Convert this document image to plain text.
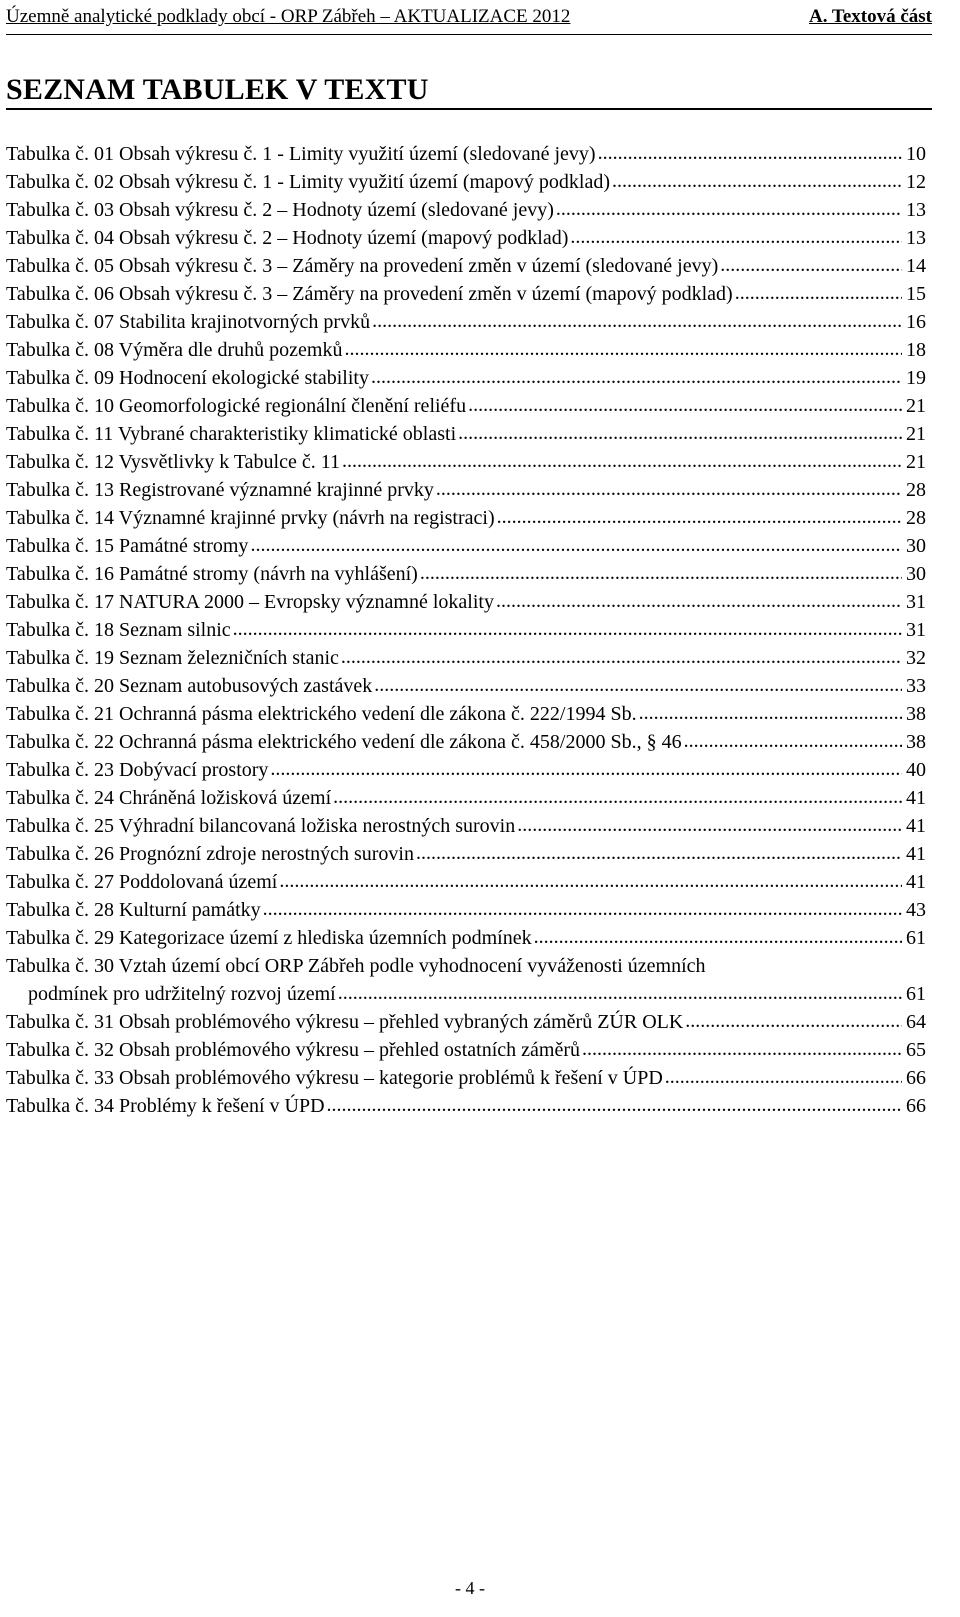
Územně analytické podklady obcí - ORP Zábřeh – AKTUALIZACE 2012	A. Textová část
SEZNAM TABULEK V TEXTU
Tabulka č. 01 Obsah výkresu č. 1 - Limity využití území (sledované jevy) .....	10
Tabulka č. 02 Obsah výkresu č. 1 - Limity využití území (mapový podklad) .....	12
Tabulka č. 03 Obsah výkresu č. 2 – Hodnoty území (sledované jevy) .....	13
Tabulka č. 04 Obsah výkresu č. 2 – Hodnoty území (mapový podklad) .....	13
Tabulka č. 05 Obsah výkresu č. 3 – Záměry na provedení změn v území (sledované jevy) .....	14
Tabulka č. 06 Obsah výkresu č. 3 – Záměry na provedení změn v území (mapový podklad) .....	15
Tabulka č. 07 Stabilita krajinotvorných prvků .....	16
Tabulka č. 08 Výměra dle druhů pozemků .....	18
Tabulka č. 09 Hodnocení ekologické stability .....	19
Tabulka č. 10 Geomorfologické regionální členění reliéfu .....	21
Tabulka č. 11 Vybrané charakteristiky klimatické oblasti .....	21
Tabulka č. 12 Vysvětlivky k Tabulce č. 11 .....	21
Tabulka č. 13 Registrované významné krajinné prvky .....	28
Tabulka č. 14 Významné krajinné prvky (návrh na registraci) .....	28
Tabulka č. 15 Památné stromy .....	30
Tabulka č. 16 Památné stromy (návrh na vyhlášení) .....	30
Tabulka č. 17 NATURA 2000 – Evropsky významné lokality .....	31
Tabulka č. 18 Seznam silnic .....	31
Tabulka č. 19 Seznam železničních stanic .....	32
Tabulka č. 20 Seznam autobusových zastávek .....	33
Tabulka č. 21 Ochranná pásma elektrického vedení dle zákona č. 222/1994 Sb. .....	38
Tabulka č. 22 Ochranná pásma elektrického vedení dle zákona č. 458/2000 Sb., § 46 .....	38
Tabulka č. 23 Dobývací prostory .....	40
Tabulka č. 24 Chráněná ložisková území .....	41
Tabulka č. 25 Výhradní bilancovaná ložiska nerostných surovin .....	41
Tabulka č. 26 Prognózní zdroje nerostných surovin .....	41
Tabulka č. 27 Poddolovaná území .....	41
Tabulka č. 28 Kulturní památky .....	43
Tabulka č. 29 Kategorizace území z hlediska územních podmínek .....	61
Tabulka č. 30 Vztah území obcí ORP Zábřeh podle vyhodnocení vyváženosti územních
podmínek pro udržitelný rozvoj území .....	61
Tabulka č. 31 Obsah problémového výkresu – přehled vybraných záměrů ZÚR OLK .....	64
Tabulka č. 32 Obsah problémového výkresu – přehled ostatních záměrů .....	65
Tabulka č. 33 Obsah problémového výkresu – kategorie problémů k řešení v ÚPD .....	66
Tabulka č. 34 Problémy k řešení v ÚPD .....	66
- 4 -
